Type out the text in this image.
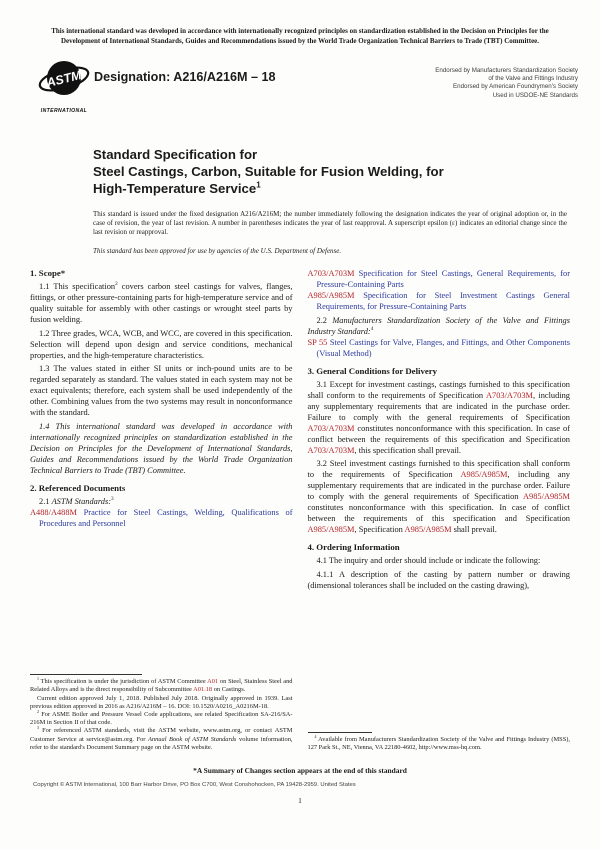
This international standard was developed in accordance with internationally recognized principles on standardization established in the Decision on Principles for the Development of International Standards, Guides and Recommendations issued by the World Trade Organization Technical Barriers to Trade (TBT) Committee.
ASTM
INTERNATIONAL
Designation: A216/A216M – 18	Endorsed by Manufacturers Standardization Society
of the Valve and Fittings Industry
Endorsed by American Foundrymen's Society
Used in USDOE-NE Standards
Standard Specification for
Steel Castings, Carbon, Suitable for Fusion Welding, for
High-Temperature Service$^1$
This standard is issued under the fixed designation A216/A216M; the number immediately following the designation indicates the year of original adoption or, in the case of revision, the year of last revision. A number in parentheses indicates the year of last reapproval. A superscript epsilon (ε) indicates an editorial change since the last revision or reapproval.
This standard has been approved for use by agencies of the U.S. Department of Defense.
1. Scope*
1.1 This specification$^2$ covers carbon steel castings for valves, flanges, fittings, or other pressure-containing parts for high-temperature service and of quality suitable for assembly with other castings or wrought steel parts by fusion welding.
1.2 Three grades, WCA, WCB, and WCC, are covered in this specification. Selection will depend upon design and service conditions, mechanical properties, and the high-temperature characteristics.
1.3 The values stated in either SI units or inch-pound units are to be regarded separately as standard. The values stated in each system may not be exact equivalents; therefore, each system shall be used independently of the other. Combining values from the two systems may result in nonconformance with the standard.
1.4 This international standard was developed in accordance with internationally recognized principles on standardization established in the Decision on Principles for the Development of International Standards, Guides and Recommendations issued by the World Trade Organization Technical Barriers to Trade (TBT) Committee.
2. Referenced Documents
2.1 ASTM Standards:$^3$
A488/A488M Practice for Steel Castings, Welding, Qualifications of Procedures and Personnel
$^1$ This specification is under the jurisdiction of ASTM Committee A01 on Steel, Stainless Steel and Related Alloys and is the direct responsibility of Subcommittee A01.18 on Castings.
Current edition approved July 1, 2018. Published July 2018. Originally approved in 1939. Last previous edition approved in 2016 as A216/A216M – 16. DOI: 10.1520/A0216_A0216M-18.
$^2$ For ASME Boiler and Pressure Vessel Code applications, see related Specification SA-216/SA-216M in Section II of that code.
$^3$ For referenced ASTM standards, visit the ASTM website, www.astm.org, or contact ASTM Customer Service at service@astm.org. For Annual Book of ASTM Standards volume information, refer to the standard's Document Summary page on the ASTM website.
A703/A703M Specification for Steel Castings, General Requirements, for Pressure-Containing Parts
A985/A985M Specification for Steel Investment Castings General Requirements, for Pressure-Containing Parts
2.2 Manufacturers Standardization Society of the Valve and Fittings Industry Standard:$^4$
SP 55 Steel Castings for Valve, Flanges, and Fittings, and Other Components (Visual Method)
3. General Conditions for Delivery
3.1 Except for investment castings, castings furnished to this specification shall conform to the requirements of Specification A703/A703M, including any supplementary requirements that are indicated in the purchase order. Failure to comply with the general requirements of Specification A703/A703M constitutes nonconformance with this specification. In case of conflict between the requirements of this specification and Specification A703/A703M, this specification shall prevail.
3.2 Steel investment castings furnished to this specification shall conform to the requirements of Specification A985/A985M, including any supplementary requirements that are indicated in the purchase order. Failure to comply with the general requirements of Specification A985/A985M constitutes nonconformance with this specification. In case of conflict between the requirements of this specification and Specification A985/A985M, Specification A985/A985M shall prevail.
4. Ordering Information
4.1 The inquiry and order should include or indicate the following:
4.1.1 A description of the casting by pattern number or drawing (dimensional tolerances shall be included on the casting drawing),
$^4$ Available from Manufacturers Standardization Society of the Valve and Fittings Industry (MSS), 127 Park St., NE, Vienna, VA 22180-4602, http://www.mss-hq.com.
*A Summary of Changes section appears at the end of this standard
Copyright © ASTM International, 100 Barr Harbor Drive, PO Box C700, West Conshohocken, PA 19428-2959. United States
1
